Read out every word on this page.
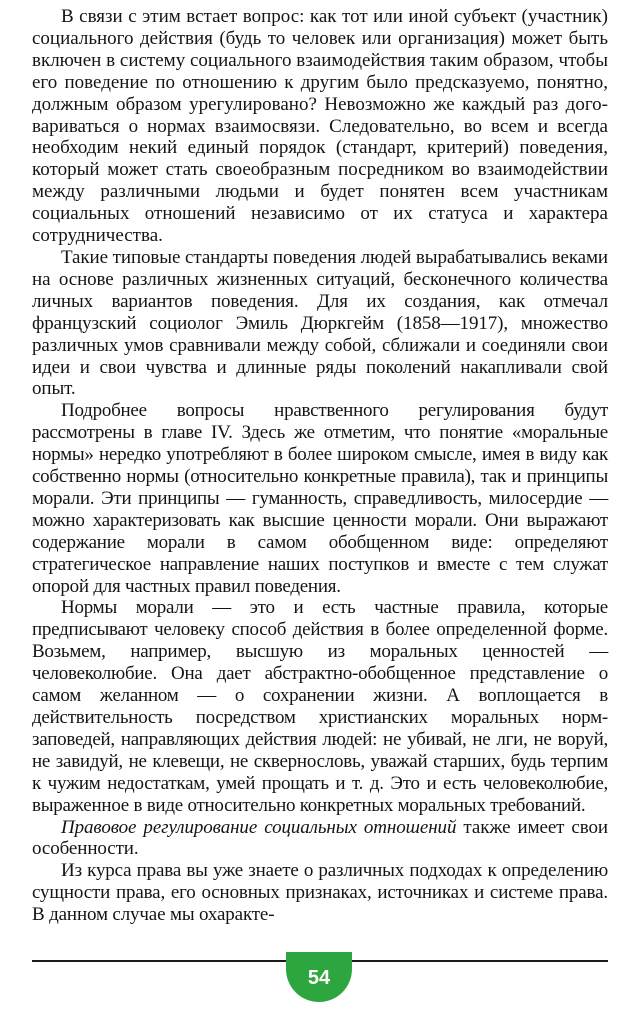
В связи с этим встает вопрос: как тот или иной субъект (участник) социального действия (будь то человек или организация) может быть включен в систему социального взаимодействия таким образом, чтобы его поведение по отношению к другим было предсказуемо, понятно, должным образом урегулировано? Невозможно же каждый раз договариваться о нормах взаимосвязи. Следовательно, во всем и всегда необходим некий единый порядок (стандарт, критерий) поведения, который может стать своеобразным посредником во взаимодействии между различными людьми и будет понятен всем участникам социальных отношений независимо от их статуса и характера сотрудничества.

Такие типовые стандарты поведения людей вырабатывались веками на основе различных жизненных ситуаций, бесконечного количества личных вариантов поведения. Для их создания, как отмечал французский социолог Эмиль Дюркгейм (1858—1917), множество различных умов сравнивали между собой, сближали и соединяли свои идеи и свои чувства и длинные ряды поколений накапливали свой опыт.

Подробнее вопросы нравственного регулирования будут рассмотрены в главе IV. Здесь же отметим, что понятие «моральные нормы» нередко употребляют в более широком смысле, имея в виду как собственно нормы (относительно конкретные правила), так и принципы морали. Эти принципы — гуманность, справедливость, милосердие — можно характеризовать как высшие ценности морали. Они выражают содержание морали в самом обобщенном виде: определяют стратегическое направление наших поступков и вместе с тем служат опорой для частных правил поведения.

Нормы морали — это и есть частные правила, которые предписывают человеку способ действия в более определенной форме. Возьмем, например, высшую из моральных ценностей — человеколюбие. Она дает абстрактно-обобщенное представление о самом желанном — о сохранении жизни. А воплощается в действительность посредством христианских моральных норм-заповедей, направляющих действия людей: не убивай, не лги, не воруй, не завидуй, не клевещи, не сквернословь, уважай старших, будь терпим к чужим недостаткам, умей прощать и т. д. Это и есть человеколюбие, выраженное в виде относительно конкретных моральных требований.

Правовое регулирование социальных отношений также имеет свои особенности.

Из курса права вы уже знаете о различных подходах к определению сущности права, его основных признаках, источниках и системе права. В данном случае мы охаракте-

54
